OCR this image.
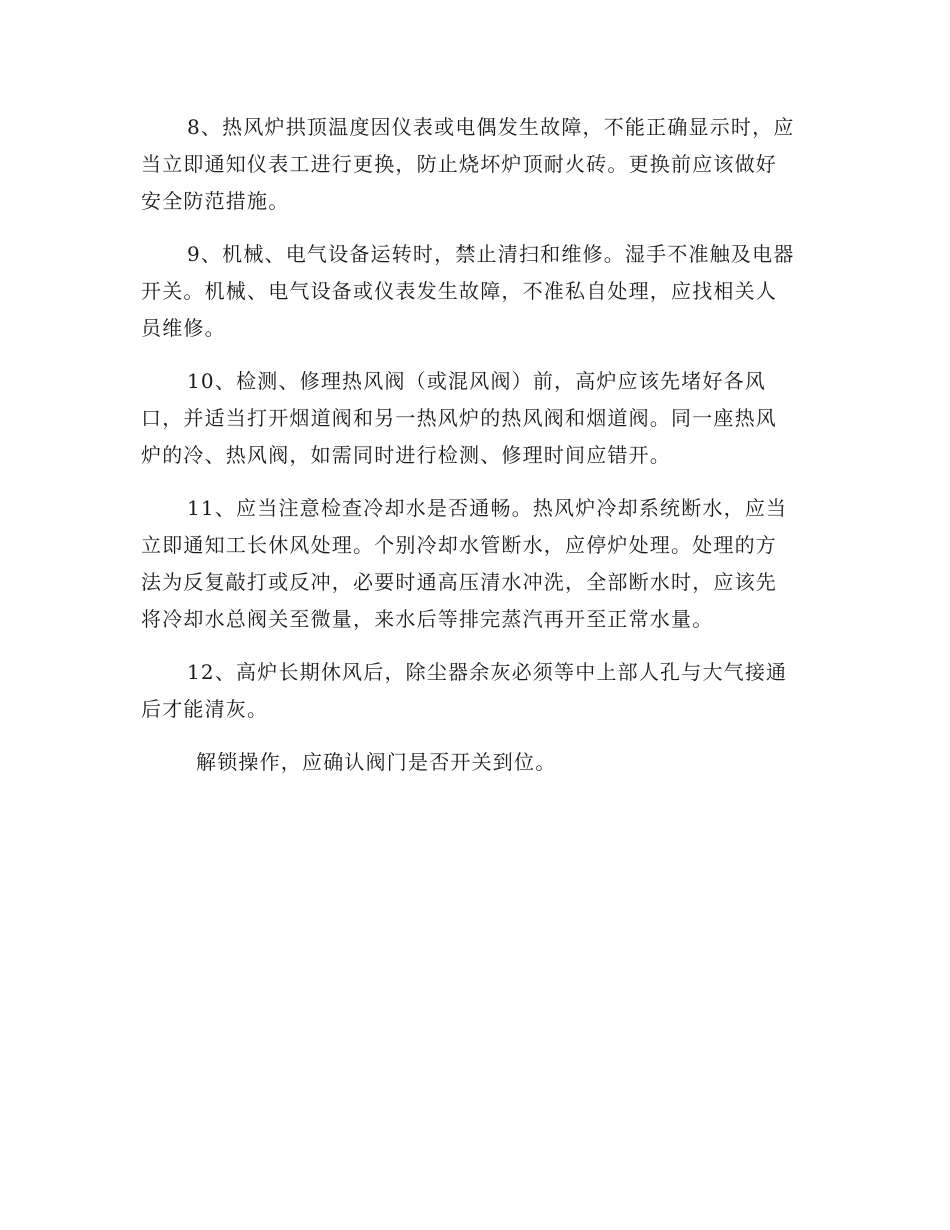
8、热风炉拱顶温度因仪表或电偶发生故障，不能正确显示时，应

当立即通知仪表工进行更换，防止烧坏炉顶耐火砖。更换前应该做好

安全防范措施。

9、机械、电气设备运转时，禁止清扫和维修。湿手不准触及电器

开关。机械、电气设备或仪表发生故障，不准私自处理，应找相关人

员维修。

10、检测、修理热风阀（或混风阀）前，高炉应该先堵好各风

口，并适当打开烟道阀和另一热风炉的热风阀和烟道阀。同一座热风

炉的冷、热风阀，如需同时进行检测、修理时间应错开。

11、应当注意检查冷却水是否通畅。热风炉冷却系统断水，应当

立即通知工长休风处理。个别冷却水管断水，应停炉处理。处理的方

法为反复敲打或反冲，必要时通高压清水冲洗，全部断水时，应该先

将冷却水总阀关至微量，来水后等排完蒸汽再开至正常水量。

12、高炉长期休风后，除尘器余灰必须等中上部人孔与大气接通

后才能清灰。

解锁操作，应确认阀门是否开关到位。
